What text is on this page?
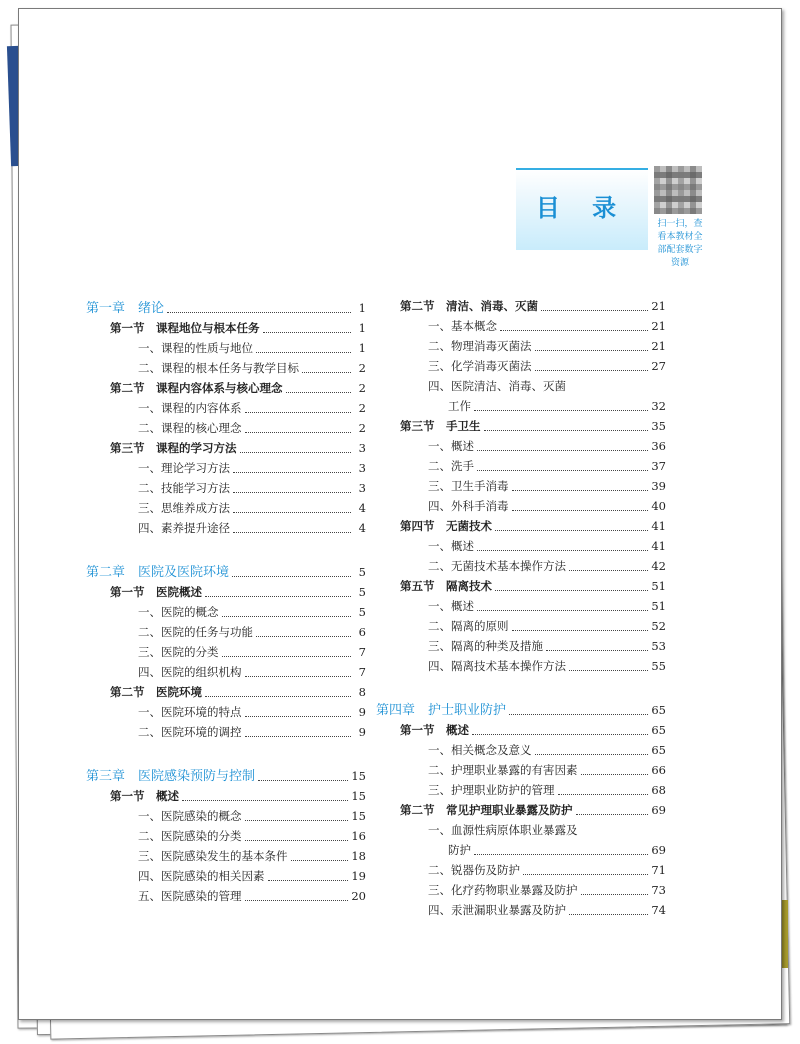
目 录
扫一扫，查
看本教材全
部配套数字
资源
第一章　绪论	1
第一节　课程地位与根本任务	1
一、课程的性质与地位	1
二、课程的根本任务与教学目标	2
第二节　课程内容体系与核心理念	2
一、课程的内容体系	2
二、课程的核心理念	2
第三节　课程的学习方法	3
一、理论学习方法	3
二、技能学习方法	3
三、思维养成方法	4
四、素养提升途径	4
第二章　医院及医院环境	5
第一节　医院概述	5
一、医院的概念	5
二、医院的任务与功能	6
三、医院的分类	7
四、医院的组织机构	7
第二节　医院环境	8
一、医院环境的特点	9
二、医院环境的调控	9
第三章　医院感染预防与控制	15
第一节　概述	15
一、医院感染的概念	15
二、医院感染的分类	16
三、医院感染发生的基本条件	18
四、医院感染的相关因素	19
五、医院感染的管理	20
第二节　清洁、消毒、灭菌	21
一、基本概念	21
二、物理消毒灭菌法	21
三、化学消毒灭菌法	27
四、医院清洁、消毒、灭菌
工作	32
第三节　手卫生	35
一、概述	36
二、洗手	37
三、卫生手消毒	39
四、外科手消毒	40
第四节　无菌技术	41
一、概述	41
二、无菌技术基本操作方法	42
第五节　隔离技术	51
一、概述	51
二、隔离的原则	52
三、隔离的种类及措施	53
四、隔离技术基本操作方法	55
第四章　护士职业防护	65
第一节　概述	65
一、相关概念及意义	65
二、护理职业暴露的有害因素	66
三、护理职业防护的管理	68
第二节　常见护理职业暴露及防护	69
一、血源性病原体职业暴露及
防护	69
二、锐器伤及防护	71
三、化疗药物职业暴露及防护	73
四、汞泄漏职业暴露及防护	74
